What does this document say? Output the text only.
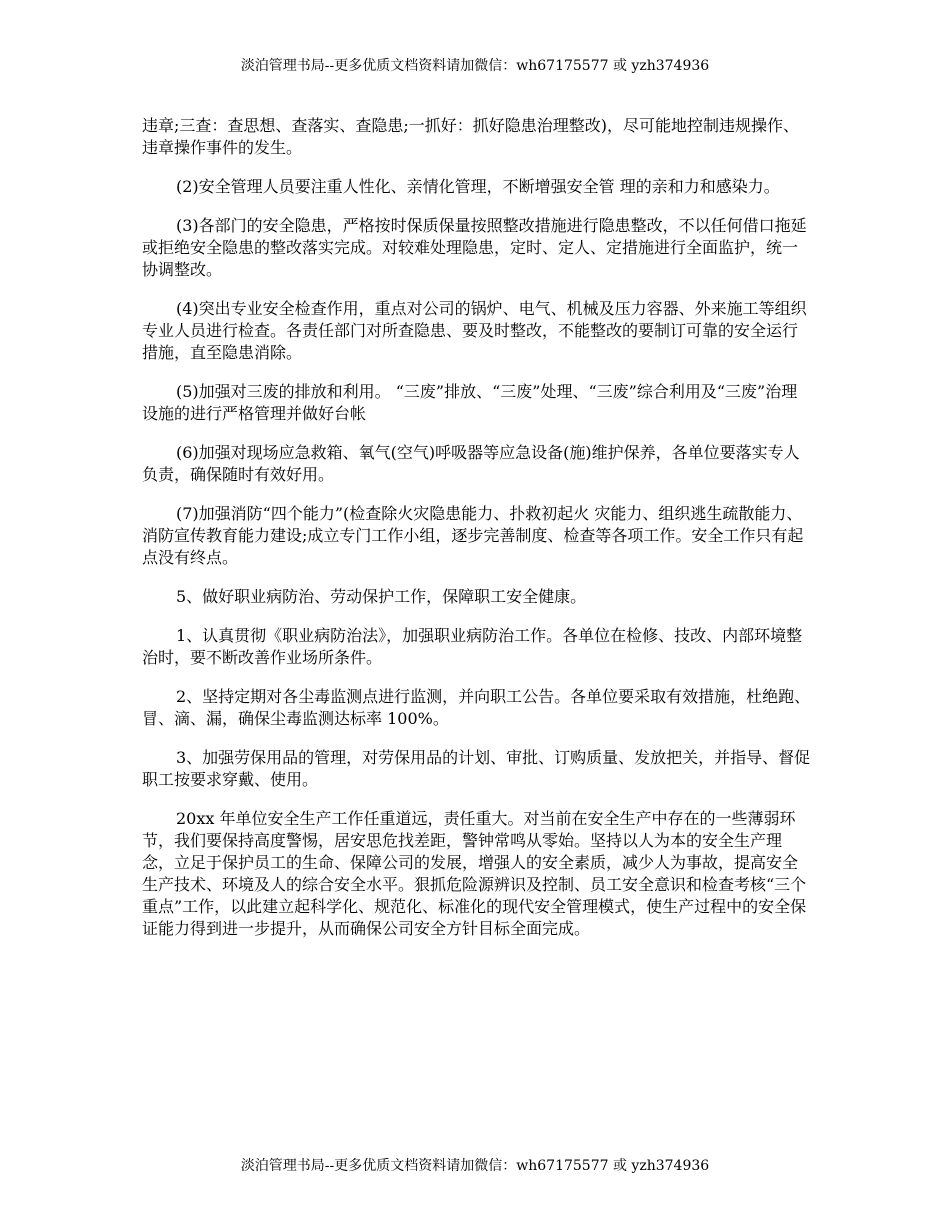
淡泊管理书局--更多优质文档资料请加微信：wh67175577 或 yzh374936

违章;三查：查思想、查落实、查隐患;一抓好：抓好隐患治理整改)，尽可能地控制违规操作、违章操作事件的发生。

(2)安全管理人员要注重人性化、亲情化管理，不断增强安全管 理的亲和力和感染力。

(3)各部门的安全隐患，严格按时保质保量按照整改措施进行隐患整改，不以任何借口拖延或拒绝安全隐患的整改落实完成。对较难处理隐患，定时、定人、定措施进行全面监护，统一协调整改。

(4)突出专业安全检查作用，重点对公司的锅炉、电气、机械及压力容器、外来施工等组织专业人员进行检查。各责任部门对所查隐患、要及时整改，不能整改的要制订可靠的安全运行措施，直至隐患消除。

(5)加强对三废的排放和利用。 “三废”排放、“三废”处理、“三废”综合利用及“三废”治理设施的进行严格管理并做好台帐

(6)加强对现场应急救箱、氧气(空气)呼吸器等应急设备(施)维护保养，各单位要落实专人负责，确保随时有效好用。

(7)加强消防“四个能力”(检查除火灾隐患能力、扑救初起火 灾能力、组织逃生疏散能力、消防宣传教育能力建设;成立专门工作小组，逐步完善制度、检查等各项工作。安全工作只有起点没有终点。

5、做好职业病防治、劳动保护工作，保障职工安全健康。

1、认真贯彻《职业病防治法》，加强职业病防治工作。各单位在检修、技改、内部环境整治时，要不断改善作业场所条件。

2、坚持定期对各尘毒监测点进行监测，并向职工公告。各单位要采取有效措施，杜绝跑、冒、滴、漏，确保尘毒监测达标率 100%。

3、加强劳保用品的管理，对劳保用品的计划、审批、订购质量、发放把关，并指导、督促职工按要求穿戴、使用。

20xx 年单位安全生产工作任重道远，责任重大。对当前在安全生产中存在的一些薄弱环节，我们要保持高度警惕，居安思危找差距，警钟常鸣从零始。坚持以人为本的安全生产理念，立足于保护员工的生命、保障公司的发展，增强人的安全素质，减少人为事故，提高安全生产技术、环境及人的综合安全水平。狠抓危险源辨识及控制、员工安全意识和检查考核“三个重点”工作，以此建立起科学化、规范化、标准化的现代安全管理模式，使生产过程中的安全保证能力得到进一步提升，从而确保公司安全方针目标全面完成。

淡泊管理书局--更多优质文档资料请加微信：wh67175577 或 yzh374936
